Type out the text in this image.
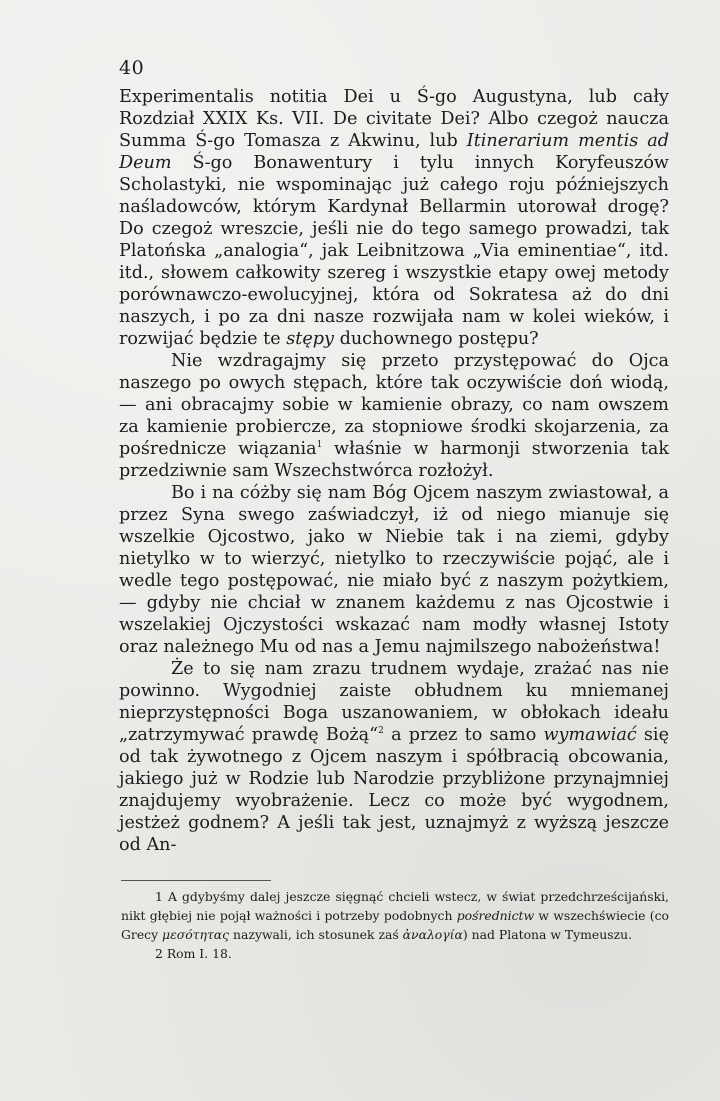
40

Experimentalis notitia Dei u Ś-go Augustyna, lub cały Rozdział XXIX Ks. VII. De civitate Dei? Albo czegoż naucza Summa Ś-go Tomasza z Akwinu, lub Itinerarium mentis ad Deum Ś-go Bonawentury i tylu innych Koryfeuszów Scholastyki, nie wspominając już całego roju późniejszych naśladowców, którym Kardynał Bellarmin utorował drogę? Do czegoż wreszcie, jeśli nie do tego samego prowadzi, tak Platońska „analogia“, jak Leibnitzowa „Via eminentiae“, itd. itd., słowem całkowity szereg i wszystkie etapy owej metody porównawczo-ewolucyjnej, która od Sokratesa aż do dni naszych, i po za dni nasze rozwijała nam w kolei wieków, i rozwijać będzie te stępy duchownego postępu?

Nie wzdragajmy się przeto przystępować do Ojca naszego po owych stępach, które tak oczywiście doń wiodą, — ani obracajmy sobie w kamienie obrazy, co nam owszem za kamienie probiercze, za stopniowe środki skojarzenia, za pośrednicze wiązania$^1$ właśnie w harmonji stworzenia tak przedziwnie sam Wszechstwórca rozłożył.

Bo i na cóżby się nam Bóg Ojcem naszym zwiastował, a przez Syna swego zaświadczył, iż od niego mianuje się wszelkie Ojcostwo, jako w Niebie tak i na ziemi, gdyby nietylko w to wierzyć, nietylko to rzeczywiście pojąć, ale i wedle tego postępować, nie miało być z naszym pożytkiem, — gdyby nie chciał w znanem każdemu z nas Ojcostwie i wszelakiej Ojczystości wskazać nam modły własnej Istoty oraz należnego Mu od nas a Jemu najmilszego nabożeństwa!

Że to się nam zrazu trudnem wydaje, zrażać nas nie powinno. Wygodniej zaiste obłudnem ku mniemanej nieprzystępności Boga uszanowaniem, w obłokach ideału „zatrzymywać prawdę Bożą“$^2$ a przez to samo wymawiać się od tak żywotnego z Ojcem naszym i spółbracią obcowania, jakiego już w Rodzie lub Narodzie przybliżone przynajmniej znajdujemy wyobrażenie. Lecz co może być wygodnem, jestżeż godnem? A jeśli tak jest, uznajmyż z wyższą jeszcze od An-

1 A gdybyśmy dalej jeszcze sięgnąć chcieli wstecz, w świat przedchrześcijański, nikt głębiej nie pojął ważności i potrzeby podobnych pośrednictw w wszechświecie (co Grecy μεσότητας nazywali, ich stosunek zaś ἀναλογία) nad Platona w Tymeuszu.

2 Rom I. 18.
